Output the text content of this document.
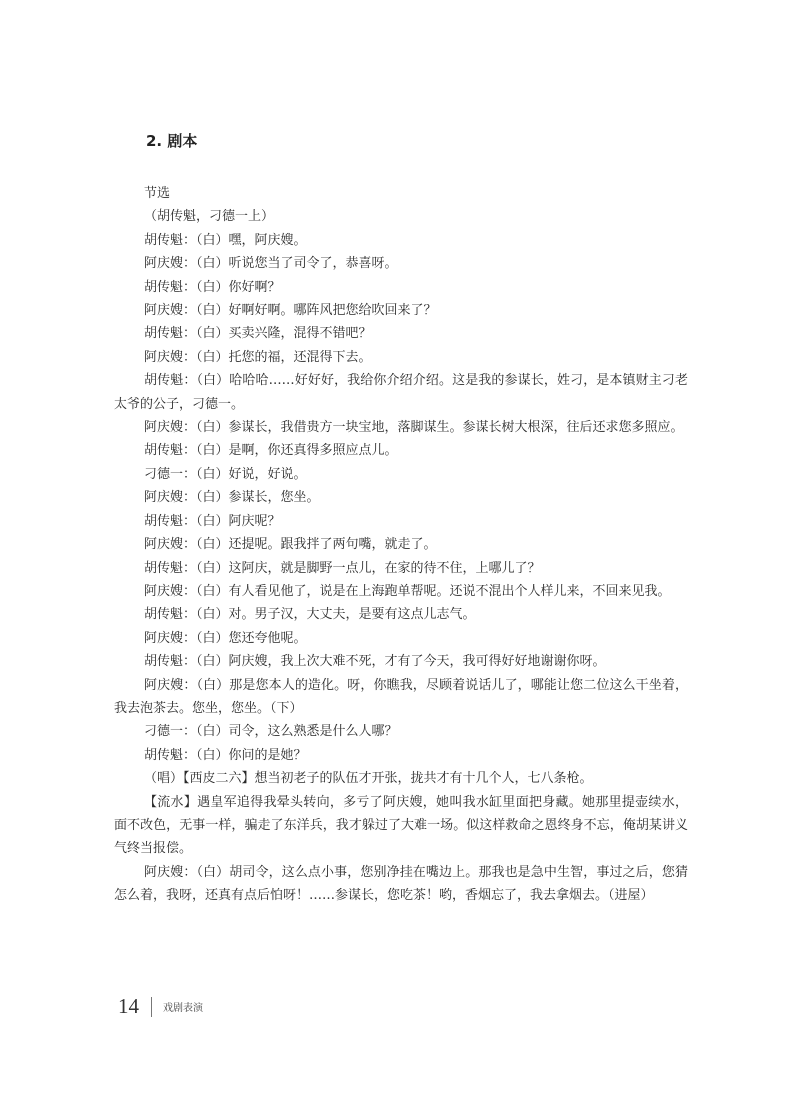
2. 剧本

节选

（胡传魁，刁德一上）

胡传魁：（白）嘿，阿庆嫂。

阿庆嫂：（白）听说您当了司令了，恭喜呀。

胡传魁：（白）你好啊？

阿庆嫂：（白）好啊好啊。哪阵风把您给吹回来了？

胡传魁：（白）买卖兴隆，混得不错吧？

阿庆嫂：（白）托您的福，还混得下去。

胡传魁：（白）哈哈哈……好好好，我给你介绍介绍。这是我的参谋长，姓刁，是本镇财主刁老太爷的公子，刁德一。

阿庆嫂：（白）参谋长，我借贵方一块宝地，落脚谋生。参谋长树大根深，往后还求您多照应。

胡传魁：（白）是啊，你还真得多照应点儿。

刁德一：（白）好说，好说。

阿庆嫂：（白）参谋长，您坐。

胡传魁：（白）阿庆呢？

阿庆嫂：（白）还提呢。跟我拌了两句嘴，就走了。

胡传魁：（白）这阿庆，就是脚野一点儿，在家的待不住，上哪儿了？

阿庆嫂：（白）有人看见他了，说是在上海跑单帮呢。还说不混出个人样儿来，不回来见我。

胡传魁：（白）对。男子汉，大丈夫，是要有这点儿志气。

阿庆嫂：（白）您还夸他呢。

胡传魁：（白）阿庆嫂，我上次大难不死，才有了今天，我可得好好地谢谢你呀。

阿庆嫂：（白）那是您本人的造化。呀，你瞧我，尽顾着说话儿了，哪能让您二位这么干坐着，我去泡茶去。您坐，您坐。（下）

刁德一：（白）司令，这么熟悉是什么人哪？

胡传魁：（白）你问的是她？

（唱）【西皮二六】想当初老子的队伍才开张，拢共才有十几个人，七八条枪。

【流水】遇皇军追得我晕头转向，多亏了阿庆嫂，她叫我水缸里面把身藏。她那里提壶续水，面不改色，无事一样，骗走了东洋兵，我才躲过了大难一场。似这样救命之恩终身不忘，俺胡某讲义气终当报偿。

阿庆嫂：（白）胡司令，这么点小事，您别净挂在嘴边上。那我也是急中生智，事过之后，您猜怎么着，我呀，还真有点后怕呀！……参谋长，您吃茶！哟，香烟忘了，我去拿烟去。（进屋）

14 戏剧表演
